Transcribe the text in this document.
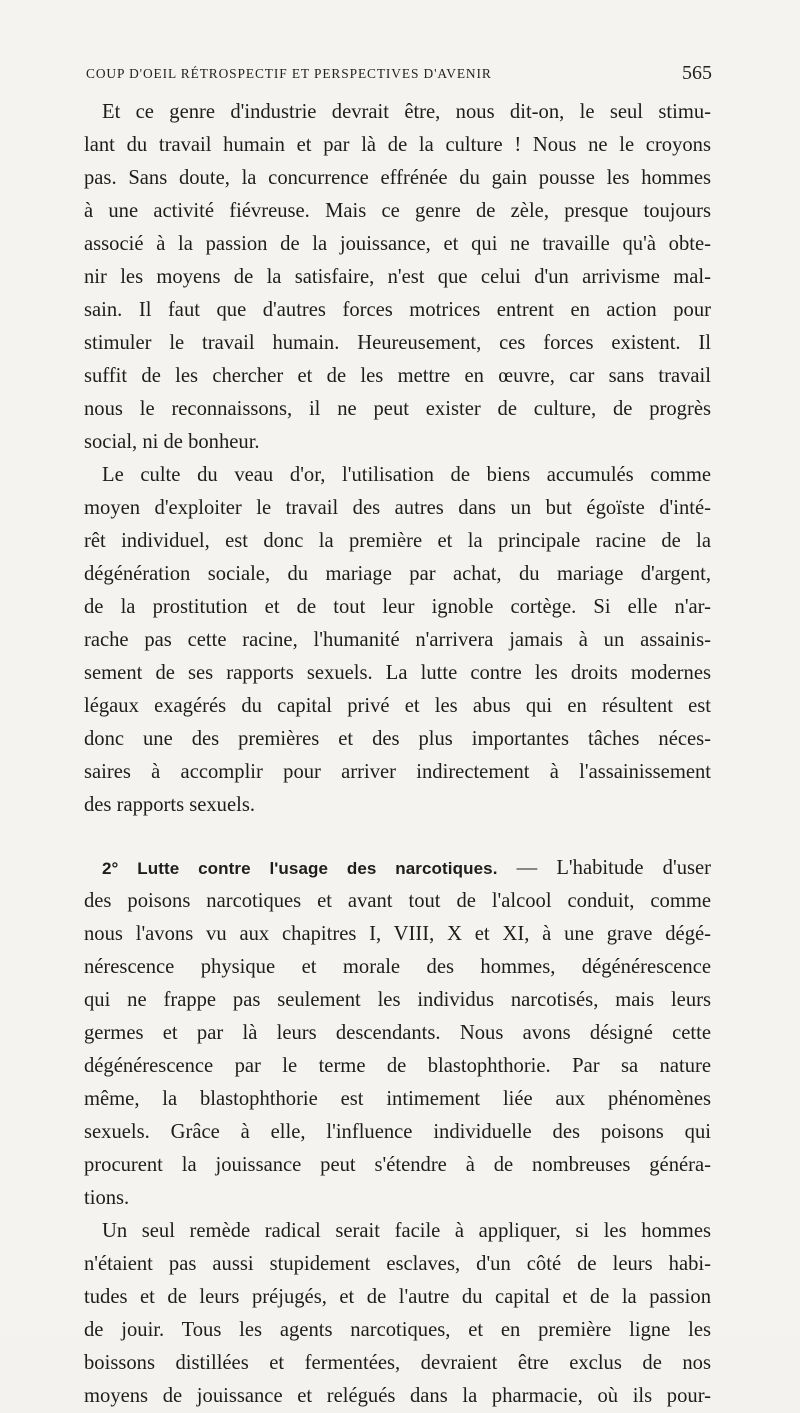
COUP D'OEIL RÉTROSPECTIF ET PERSPECTIVES D'AVENIR	565
Et ce genre d'industrie devrait être, nous dit-on, le seul stimu-
lant du travail humain et par là de la culture ! Nous ne le croyons
pas. Sans doute, la concurrence effrénée du gain pousse les hommes
à une activité fiévreuse. Mais ce genre de zèle, presque toujours
associé à la passion de la jouissance, et qui ne travaille qu'à obte-
nir les moyens de la satisfaire, n'est que celui d'un arrivisme mal-
sain. Il faut que d'autres forces motrices entrent en action pour
stimuler le travail humain. Heureusement, ces forces existent. Il
suffit de les chercher et de les mettre en œuvre, car sans travail
nous le reconnaissons, il ne peut exister de culture, de progrès
social, ni de bonheur.
Le culte du veau d'or, l'utilisation de biens accumulés comme
moyen d'exploiter le travail des autres dans un but égoïste d'inté-
rêt individuel, est donc la première et la principale racine de la
dégénération sociale, du mariage par achat, du mariage d'argent,
de la prostitution et de tout leur ignoble cortège. Si elle n'ar-
rache pas cette racine, l'humanité n'arrivera jamais à un assainis-
sement de ses rapports sexuels. La lutte contre les droits modernes
légaux exagérés du capital privé et les abus qui en résultent est
donc une des premières et des plus importantes tâches néces-
saires à accomplir pour arriver indirectement à l'assainissement
des rapports sexuels.
2° Lutte contre l'usage des narcotiques. — L'habitude d'user
des poisons narcotiques et avant tout de l'alcool conduit, comme
nous l'avons vu aux chapitres I, VIII, X et XI, à une grave dégé-
nérescence physique et morale des hommes, dégénérescence
qui ne frappe pas seulement les individus narcotisés, mais leurs
germes et par là leurs descendants. Nous avons désigné cette
dégénérescence par le terme de blastophthorie. Par sa nature
même, la blastophthorie est intimement liée aux phénomènes
sexuels. Grâce à elle, l'influence individuelle des poisons qui
procurent la jouissance peut s'étendre à de nombreuses généra-
tions.
Un seul remède radical serait facile à appliquer, si les hommes
n'étaient pas aussi stupidement esclaves, d'un côté de leurs habi-
tudes et de leurs préjugés, et de l'autre du capital et de la passion
de jouir. Tous les agents narcotiques, et en première ligne les
boissons distillées et fermentées, devraient être exclus de nos
moyens de jouissance et relégués dans la pharmacie, où ils pour-
